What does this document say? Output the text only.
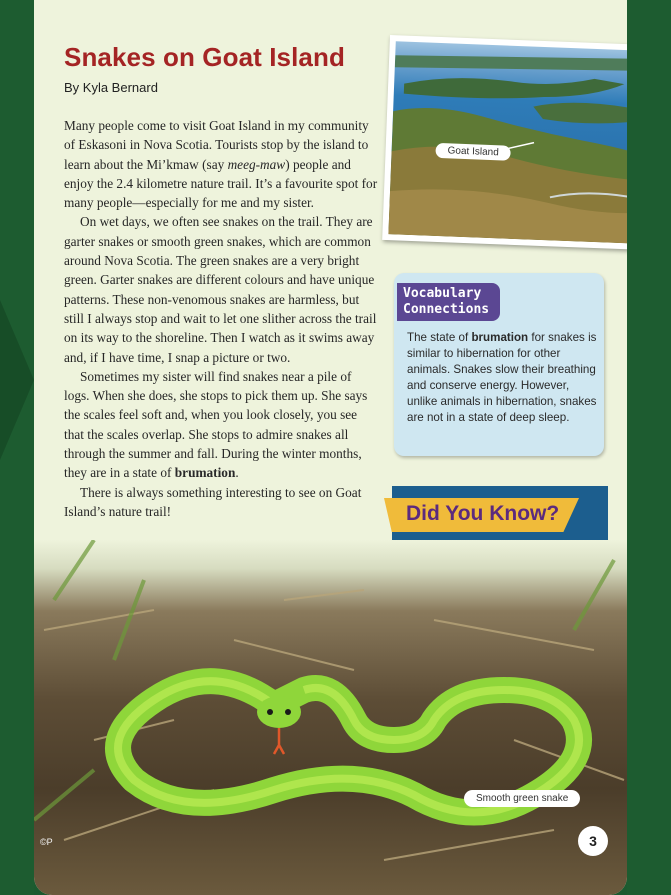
Snakes on Goat Island
By Kyla Bernard

Many people come to visit Goat Island in my community of Eskasoni in Nova Scotia. Tourists stop by the island to learn about the Mi’kmaw (say meeg-maw) people and enjoy the 2.4 kilometre nature trail. It’s a favourite spot for many people—especially for me and my sister.

On wet days, we often see snakes on the trail. They are garter snakes or smooth green snakes, which are common around Nova Scotia. The green snakes are a very bright green. Garter snakes are different colours and have unique patterns. These non-venomous snakes are harmless, but still I always stop and wait to let one slither across the trail on its way to the shoreline. Then I watch as it swims away and, if I have time, I snap a picture or two.

Sometimes my sister will find snakes near a pile of logs. When she does, she stops to pick them up. She says the scales feel soft and, when you look closely, you see that the scales overlap. She stops to admire snakes all through the summer and fall. During the winter months, they are in a state of brumation.

There is always something interesting to see on Goat Island’s nature trail!

Goat Island
Vocabulary
Connections
The state of brumation for snakes is similar to hibernation for other animals. Snakes slow their breathing and conserve energy. However, unlike animals in hibernation, snakes are not in a state of deep sleep.
Did You Know?
Smooth green snake
©P	3
